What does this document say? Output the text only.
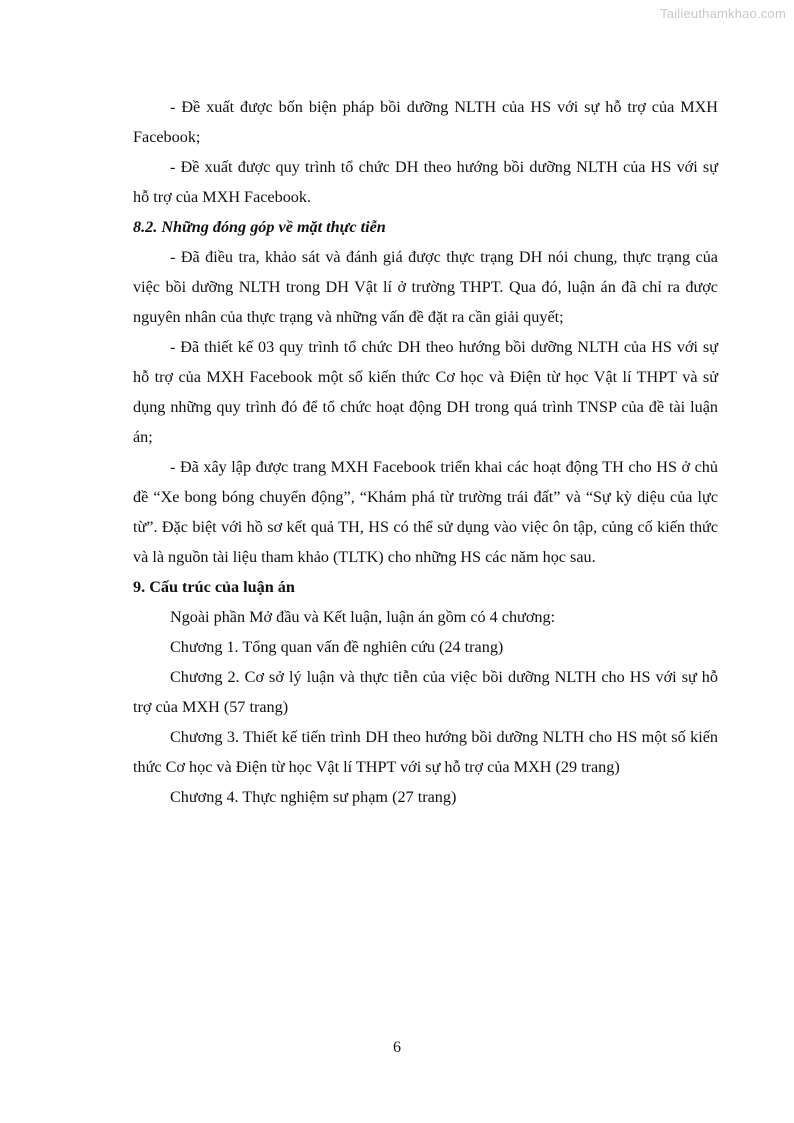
Tailieuthamkhao.com

- Đề xuất được bốn biện pháp bồi dưỡng NLTH của HS với sự hỗ trợ của MXH Facebook;

- Đề xuất được quy trình tổ chức DH theo hướng bồi dưỡng NLTH của HS với sự hỗ trợ của MXH Facebook.

8.2. Những đóng góp về mặt thực tiễn

- Đã điều tra, khảo sát và đánh giá được thực trạng DH nói chung, thực trạng của việc bồi dưỡng NLTH trong DH Vật lí ở trường THPT. Qua đó, luận án đã chỉ ra được nguyên nhân của thực trạng và những vấn đề đặt ra cần giải quyết;

- Đã thiết kế 03 quy trình tổ chức DH theo hướng bồi dưỡng NLTH của HS với sự hỗ trợ của MXH Facebook một số kiến thức Cơ học và Điện từ học Vật lí THPT và sử dụng những quy trình đó để tổ chức hoạt động DH trong quá trình TNSP của đề tài luận án;

- Đã xây lập được trang MXH Facebook triển khai các hoạt động TH cho HS ở chủ đề “Xe bong bóng chuyển động”, “Khám phá từ trường trái đất” và “Sự kỳ diệu của lực từ”. Đặc biệt với hồ sơ kết quả TH, HS có thể sử dụng vào việc ôn tập, củng cố kiến thức và là nguồn tài liệu tham khảo (TLTK) cho những HS các năm học sau.

9. Cấu trúc của luận án

Ngoài phần Mở đầu và Kết luận, luận án gồm có 4 chương:

Chương 1. Tổng quan vấn đề nghiên cứu (24 trang)

Chương 2. Cơ sở lý luận và thực tiễn của việc bồi dưỡng NLTH cho HS với sự hỗ trợ của MXH (57 trang)

Chương 3. Thiết kế tiến trình DH theo hướng bồi dưỡng NLTH cho HS một số kiến thức Cơ học và Điện từ học Vật lí THPT với sự hỗ trợ của MXH (29 trang)

Chương 4. Thực nghiệm sư phạm (27 trang)

6
